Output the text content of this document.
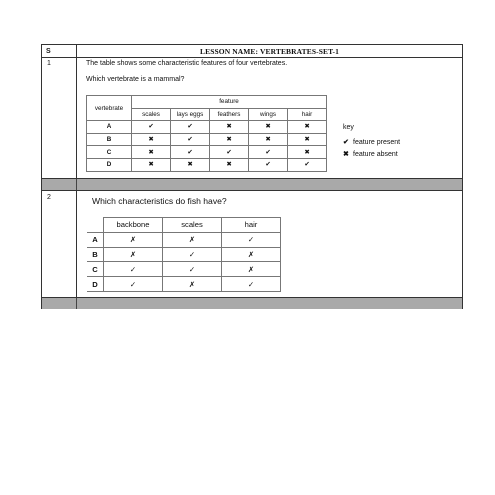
S	LESSON NAME: VERTEBRATES-SET-1
1
2
The table shows some characteristic features of four vertebrates.
Which vertebrate is a mammal?
vertebrate	feature				
	scales	lays eggs	feathers	wings	hair
A	✔	✔	✖	✖	✖
B	✖	✔	✖	✖	✖
C	✖	✔	✔	✔	✖
D	✖	✖	✖	✔	✔
key
✔ feature present
✖ feature absent
Which characteristics do fish have?
	backbone	scales	hair
A	✗	✗	✓
B	✗	✓	✗
C	✓	✓	✗
D	✓	✗	✓
